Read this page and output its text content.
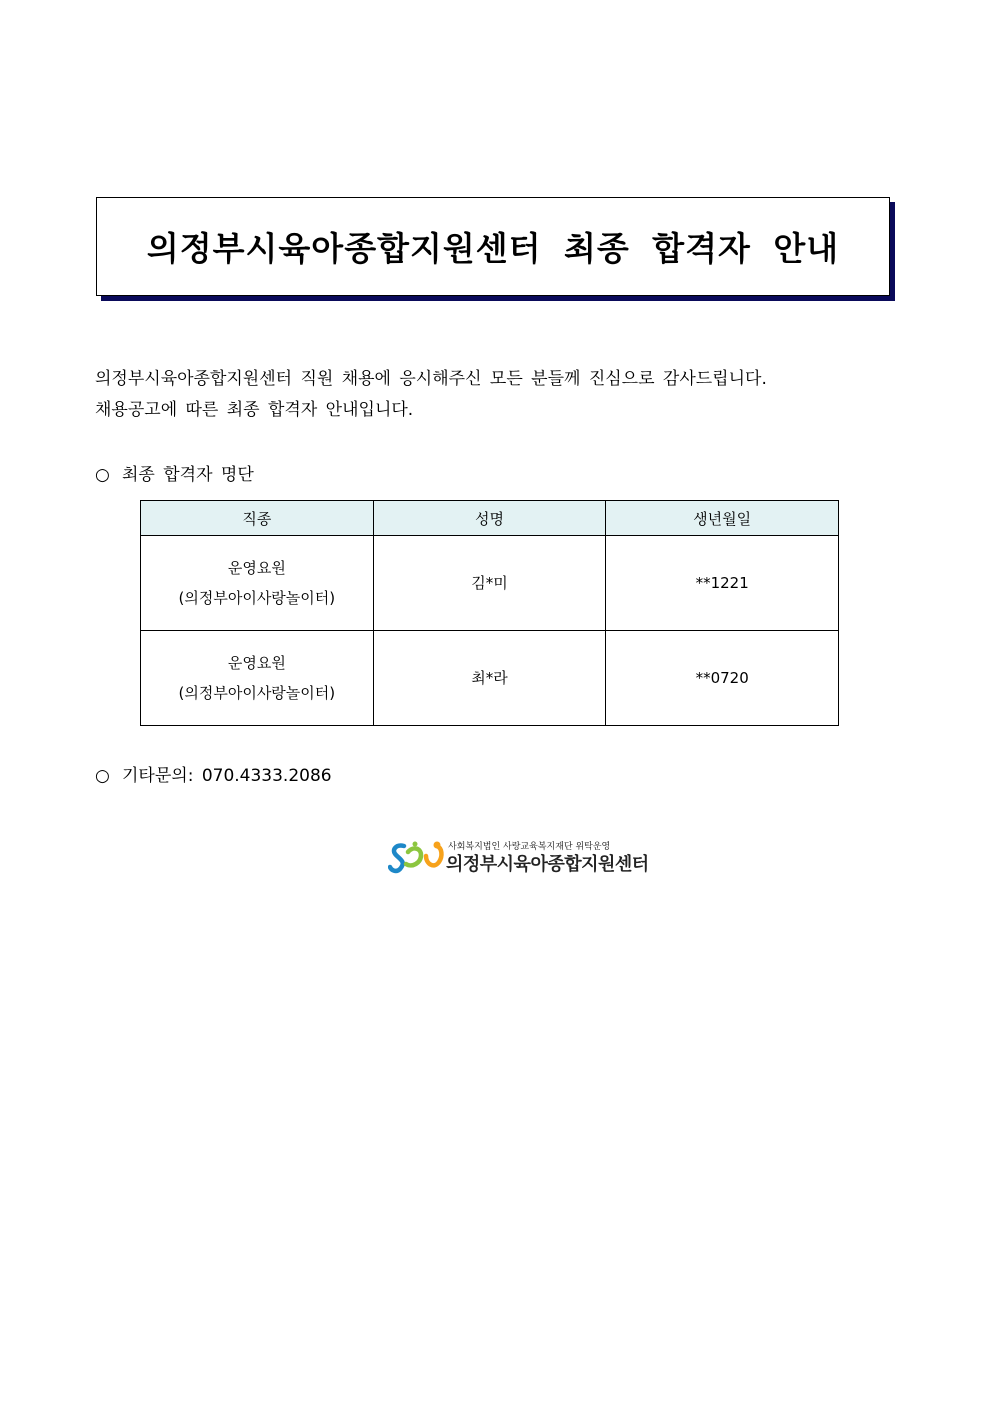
의정부시육아종합지원센터 최종 합격자 안내
의정부시육아종합지원센터 직원 채용에 응시해주신 모든 분들께 진심으로 감사드립니다.
채용공고에 따른 최종 합격자 안내입니다.
○ 최종 합격자 명단
직종	성명	생년월일

운영요원
(의정부아이사랑놀이터)	김*미	**1221

운영요원
(의정부아이사랑놀이터)	최*라	**0720
○ 기타문의: 070.4333.2086
사회복지법인 사랑교육복지재단 위탁운영
의정부시육아종합지원센터
